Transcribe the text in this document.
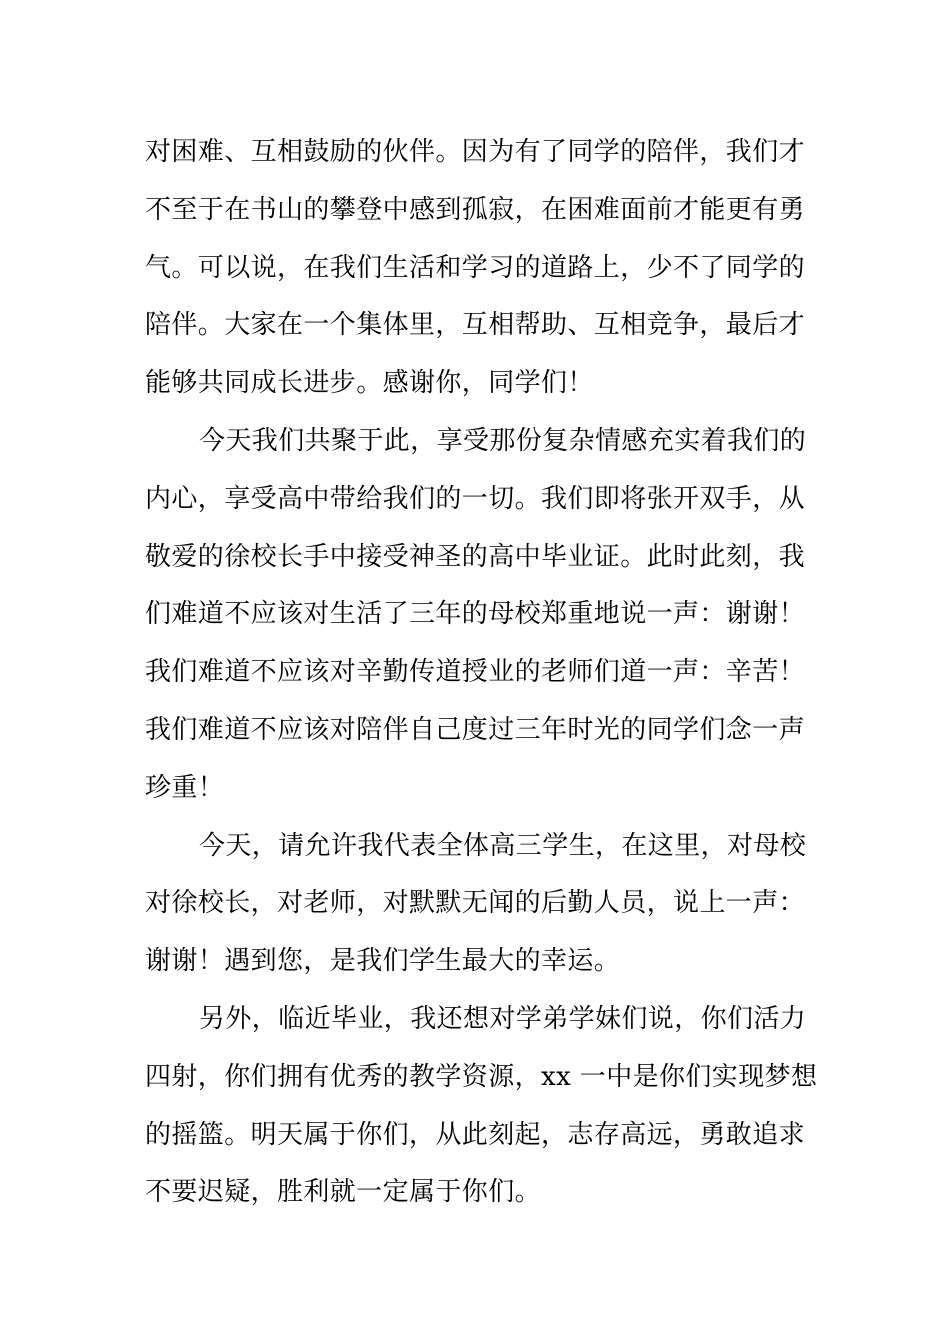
对困难、互相鼓励的伙伴。因为有了同学的陪伴，我们才
不至于在书山的攀登中感到孤寂，在困难面前才能更有勇
气。可以说，在我们生活和学习的道路上，少不了同学的
陪伴。大家在一个集体里，互相帮助、互相竞争，最后才
能够共同成长进步。感谢你，同学们！

今天我们共聚于此，享受那份复杂情感充实着我们的
内心，享受高中带给我们的一切。我们即将张开双手，从
敬爱的徐校长手中接受神圣的高中毕业证。此时此刻，我
们难道不应该对生活了三年的母校郑重地说一声：谢谢！
我们难道不应该对辛勤传道授业的老师们道一声：辛苦！
我们难道不应该对陪伴自己度过三年时光的同学们念一声
珍重！

今天，请允许我代表全体高三学生，在这里，对母校
对徐校长，对老师，对默默无闻的后勤人员，说上一声：
谢谢！遇到您，是我们学生最大的幸运。

另外，临近毕业，我还想对学弟学妹们说，你们活力
四射，你们拥有优秀的教学资源，xx 一中是你们实现梦想
的摇篮。明天属于你们，从此刻起，志存高远，勇敢追求
不要迟疑，胜利就一定属于你们。
